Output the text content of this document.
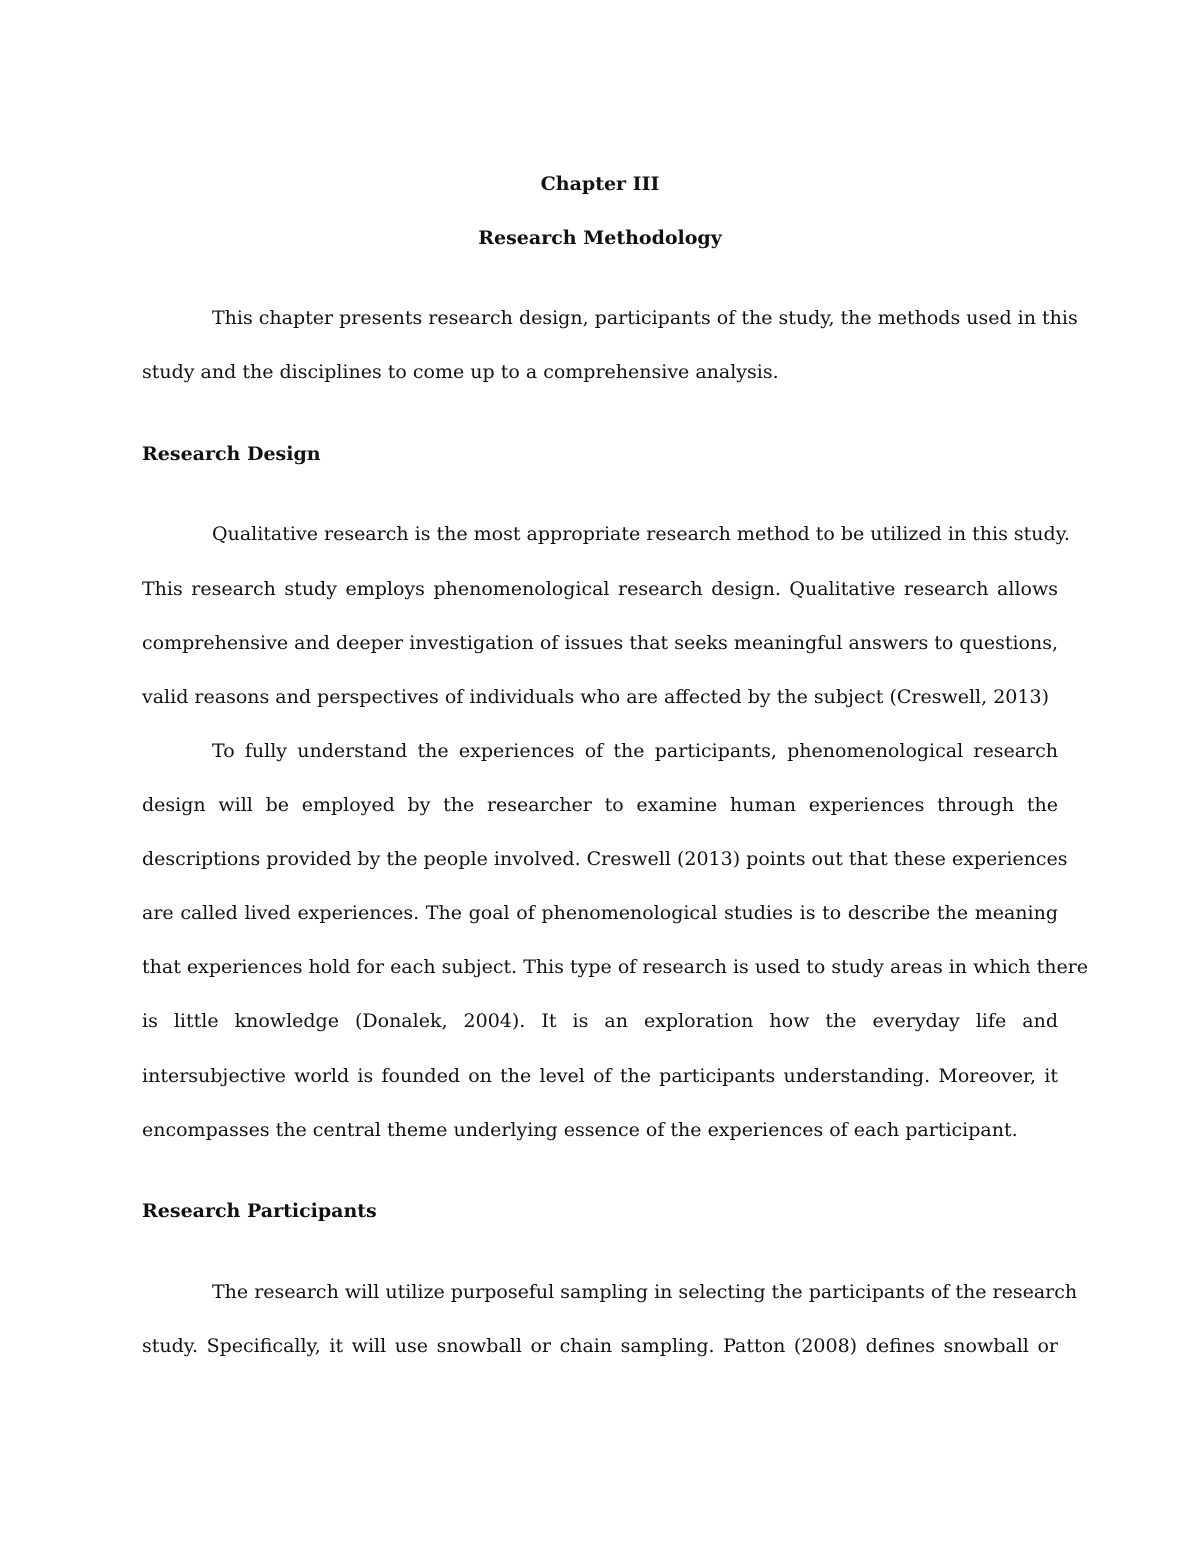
Chapter III

Research Methodology

This chapter presents research design, participants of the study, the methods used in this

study and the disciplines to come up to a comprehensive analysis.

Research Design

Qualitative research is the most appropriate research method to be utilized in this study.

This research study employs phenomenological research design. Qualitative research allows

comprehensive and deeper investigation of issues that seeks meaningful answers to questions,

valid reasons and perspectives of individuals who are affected by the subject (Creswell, 2013)

To fully understand the experiences of the participants, phenomenological research

design will be employed by the researcher to examine human experiences through the

descriptions provided by the people involved. Creswell (2013) points out that these experiences

are called lived experiences. The goal of phenomenological studies is to describe the meaning

that experiences hold for each subject. This type of research is used to study areas in which there

is little knowledge (Donalek, 2004). It is an exploration how the everyday life and

intersubjective world is founded on the level of the participants understanding. Moreover, it

encompasses the central theme underlying essence of the experiences of each participant.

Research Participants

The research will utilize purposeful sampling in selecting the participants of the research

study. Specifically, it will use snowball or chain sampling. Patton (2008) defines snowball or
